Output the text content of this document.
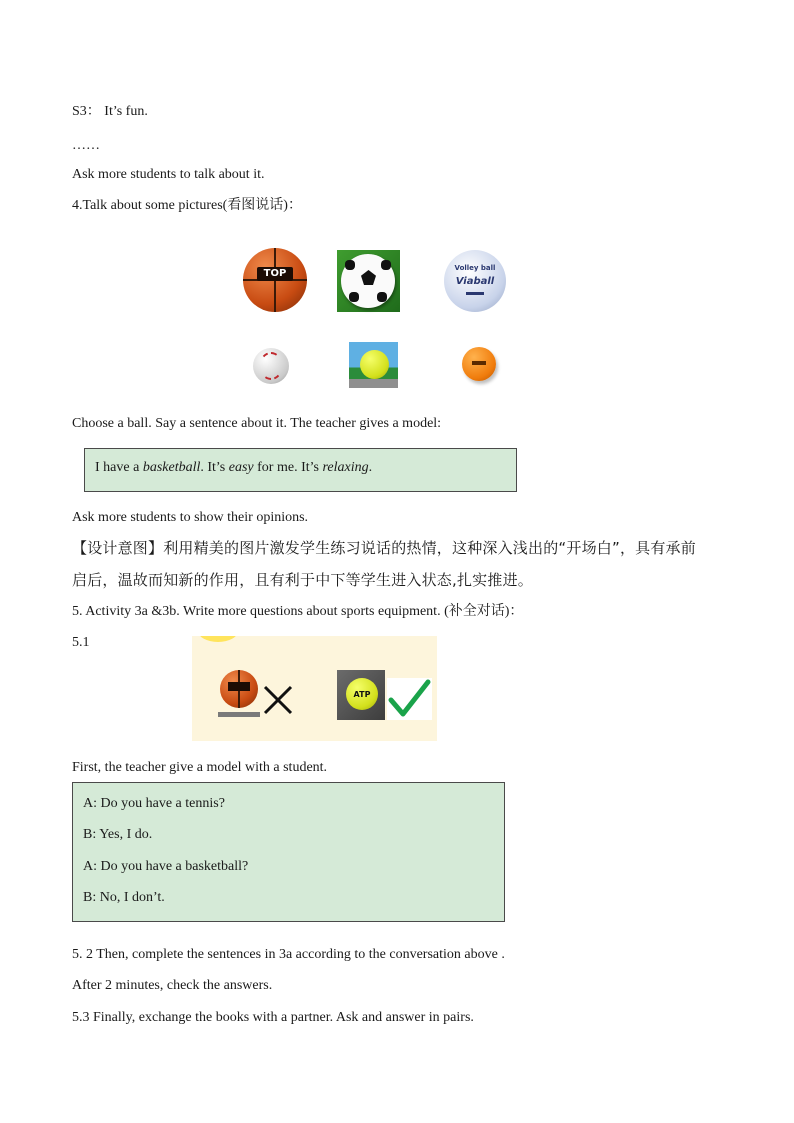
S3： It’s fun.
……
Ask more students to talk about it.
4.Talk about some pictures(看图说话)：
TOP	Volley ball
Viaball
Choose a ball. Say a sentence about it. The teacher gives a model:

I have a basketball. It’s easy for me. It’s relaxing.

Ask more students to show their opinions.
【设计意图】利用精美的图片激发学生练习说话的热情，这种深入浅出的“开场白”，具有承前
启后，温故而知新的作用，且有利于中下等学生进入状态,扎实推进。
5. Activity 3a &3b. Write more questions about sports equipment. (补全对话)：
5.1
ATP
First, the teacher give a model with a student.

A: Do you have a tennis?

B: Yes, I do.

A: Do you have a basketball?

B: No, I don’t.

5. 2 Then, complete the sentences in 3a according to the conversation above .
After 2 minutes, check the answers.
5.3 Finally, exchange the books with a partner. Ask and answer in pairs.
